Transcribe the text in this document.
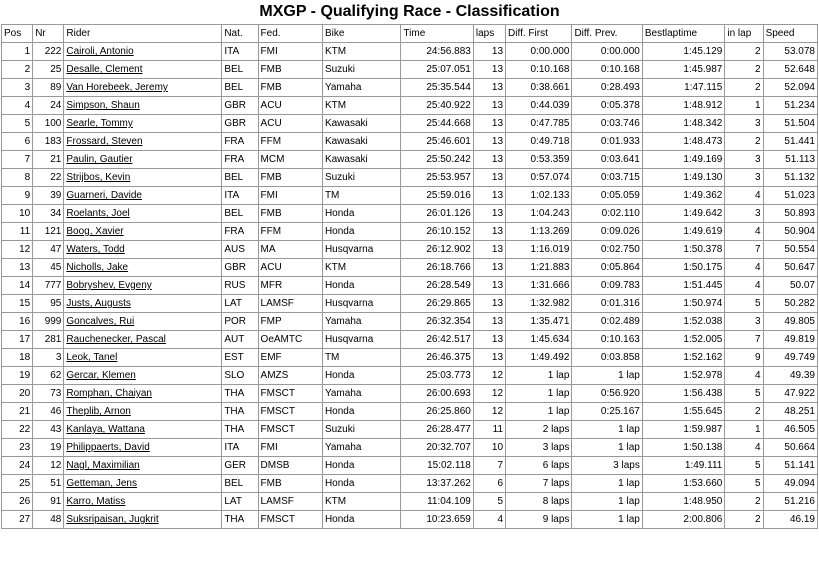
MXGP - Qualifying Race - Classification
Pos	Nr	Rider	Nat.	Fed.	Bike	Time	laps	Diff. First	Diff. Prev.	Bestlaptime	in lap	Speed
1	222	Cairoli, Antonio	ITA	FMI	KTM	24:56.883	13	0:00.000	0:00.000	1:45.129	2	53.078
2	25	Desalle, Clement	BEL	FMB	Suzuki	25:07.051	13	0:10.168	0:10.168	1:45.987	2	52.648
3	89	Van Horebeek, Jeremy	BEL	FMB	Yamaha	25:35.544	13	0:38.661	0:28.493	1:47.115	2	52.094
4	24	Simpson, Shaun	GBR	ACU	KTM	25:40.922	13	0:44.039	0:05.378	1:48.912	1	51.234
5	100	Searle, Tommy	GBR	ACU	Kawasaki	25:44.668	13	0:47.785	0:03.746	1:48.342	3	51.504
6	183	Frossard, Steven	FRA	FFM	Kawasaki	25:46.601	13	0:49.718	0:01.933	1:48.473	2	51.441
7	21	Paulin, Gautier	FRA	MCM	Kawasaki	25:50.242	13	0:53.359	0:03.641	1:49.169	3	51.113
8	22	Strijbos, Kevin	BEL	FMB	Suzuki	25:53.957	13	0:57.074	0:03.715	1:49.130	3	51.132
9	39	Guarneri, Davide	ITA	FMI	TM	25:59.016	13	1:02.133	0:05.059	1:49.362	4	51.023
10	34	Roelants, Joel	BEL	FMB	Honda	26:01.126	13	1:04.243	0:02.110	1:49.642	3	50.893
11	121	Boog, Xavier	FRA	FFM	Honda	26:10.152	13	1:13.269	0:09.026	1:49.619	4	50.904
12	47	Waters, Todd	AUS	MA	Husqvarna	26:12.902	13	1:16.019	0:02.750	1:50.378	7	50.554
13	45	Nicholls, Jake	GBR	ACU	KTM	26:18.766	13	1:21.883	0:05.864	1:50.175	4	50.647
14	777	Bobryshev, Evgeny	RUS	MFR	Honda	26:28.549	13	1:31.666	0:09.783	1:51.445	4	50.07
15	95	Justs, Augusts	LAT	LAMSF	Husqvarna	26:29.865	13	1:32.982	0:01.316	1:50.974	5	50.282
16	999	Goncalves, Rui	POR	FMP	Yamaha	26:32.354	13	1:35.471	0:02.489	1:52.038	3	49.805
17	281	Rauchenecker, Pascal	AUT	OeAMTC	Husqvarna	26:42.517	13	1:45.634	0:10.163	1:52.005	7	49.819
18	3	Leok, Tanel	EST	EMF	TM	26:46.375	13	1:49.492	0:03.858	1:52.162	9	49.749
19	62	Gercar, Klemen	SLO	AMZS	Honda	25:03.773	12	1 lap	1 lap	1:52.978	4	49.39
20	73	Romphan, Chaiyan	THA	FMSCT	Yamaha	26:00.693	12	1 lap	0:56.920	1:56.438	5	47.922
21	46	Theplib, Arnon	THA	FMSCT	Honda	26:25.860	12	1 lap	0:25.167	1:55.645	2	48.251
22	43	Kanlaya, Wattana	THA	FMSCT	Suzuki	26:28.477	11	2 laps	1 lap	1:59.987	1	46.505
23	19	Philippaerts, David	ITA	FMI	Yamaha	20:32.707	10	3 laps	1 lap	1:50.138	4	50.664
24	12	Nagl, Maximilian	GER	DMSB	Honda	15:02.118	7	6 laps	3 laps	1:49.111	5	51.141
25	51	Getteman, Jens	BEL	FMB	Honda	13:37.262	6	7 laps	1 lap	1:53.660	5	49.094
26	91	Karro, Matiss	LAT	LAMSF	KTM	11:04.109	5	8 laps	1 lap	1:48.950	2	51.216
27	48	Suksripaisan, Jugkrit	THA	FMSCT	Honda	10:23.659	4	9 laps	1 lap	2:00.806	2	46.19
